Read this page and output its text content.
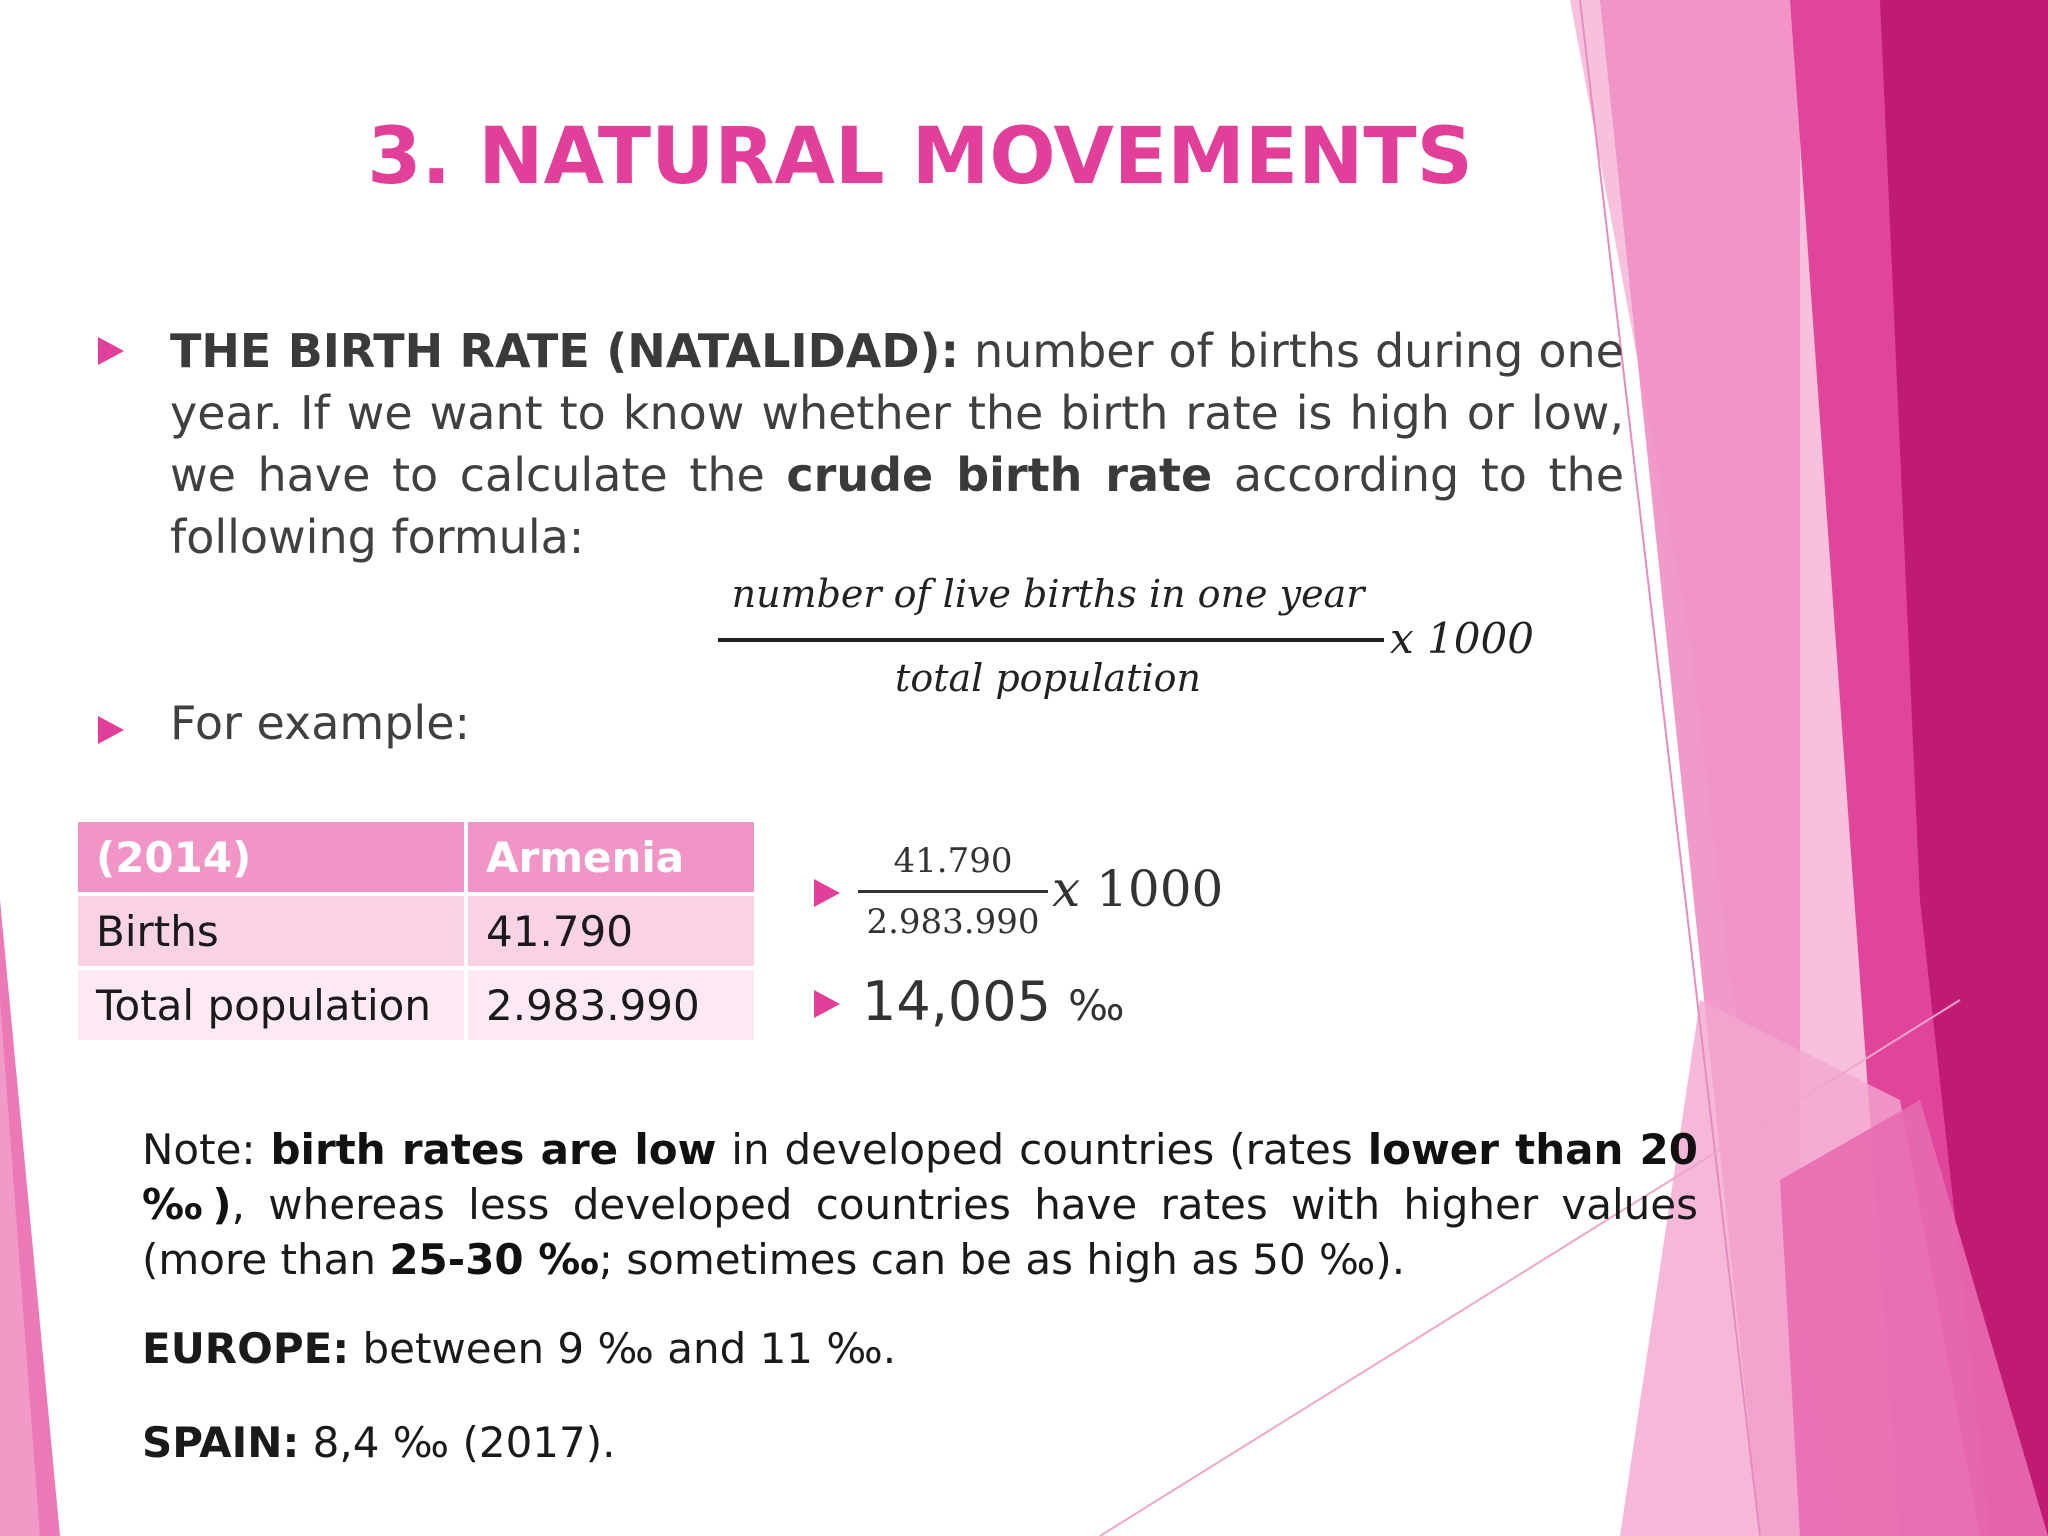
3. NATURAL MOVEMENTS
THE BIRTH RATE (NATALIDAD): number of births during one year. If we want to know whether the birth rate is high or low, we have to calculate the crude birth rate according to the following formula:
number of live births in one year
total population
x 1000
For example:
(2014)	Armenia
Births	41.790
Total population	2.983.990
41.790
2.983.990
x 1000
14,005 ‰
Note: birth rates are low in developed countries (rates lower than 20 ‰), whereas less developed countries have rates with higher values (more than 25-30 ‰; sometimes can be as high as 50 ‰).
EUROPE: between 9 ‰ and 11 ‰.
SPAIN: 8,4 ‰ (2017).
